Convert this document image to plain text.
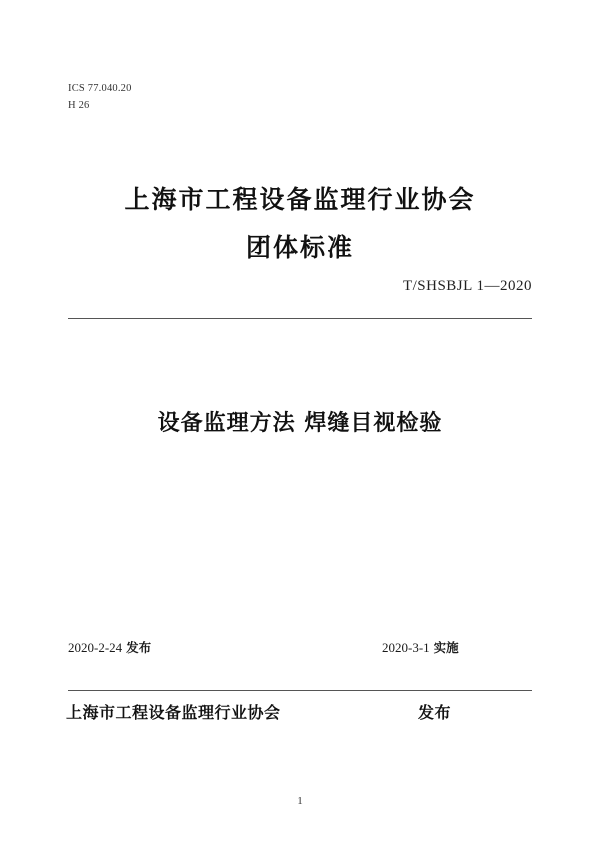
ICS 77.040.20
H 26
上海市工程设备监理行业协会
团体标准
T/SHSBJL 1—2020
设备监理方法 焊缝目视检验
2020-2-24 发布	2020-3-1 实施
上海市工程设备监理行业协会	发布
1
